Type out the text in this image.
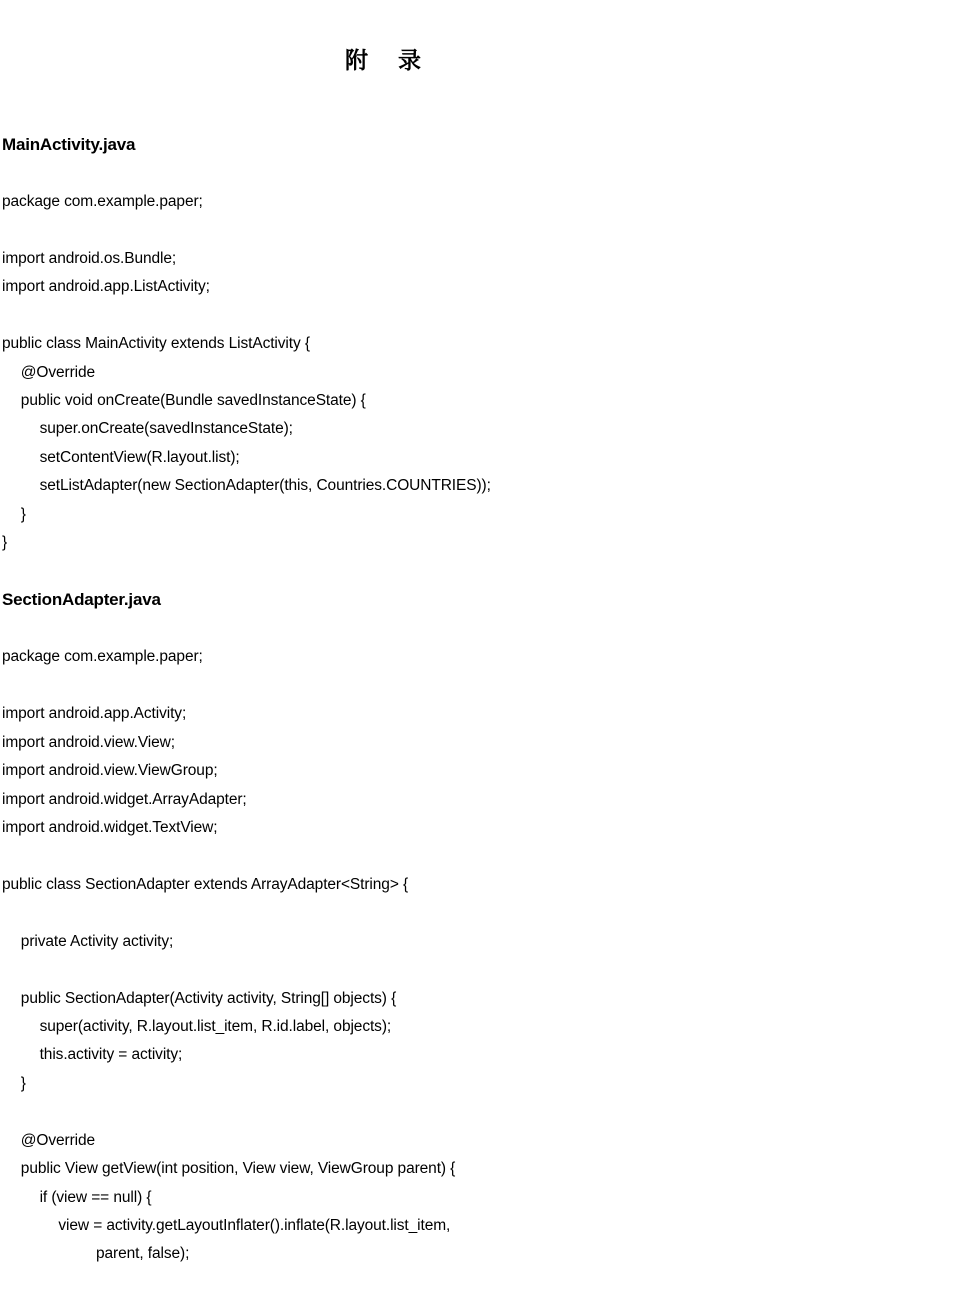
附 录
MainActivity.java
package com.example.paper;
import android.os.Bundle;
import android.app.ListActivity;
public class MainActivity extends ListActivity {
@Override
public void onCreate(Bundle savedInstanceState) {
super.onCreate(savedInstanceState);
setContentView(R.layout.list);
setListAdapter(new SectionAdapter(this, Countries.COUNTRIES));
}
}
SectionAdapter.java
package com.example.paper;
import android.app.Activity;
import android.view.View;
import android.view.ViewGroup;
import android.widget.ArrayAdapter;
import android.widget.TextView;
public class SectionAdapter extends ArrayAdapter<String> {
private Activity activity;
public SectionAdapter(Activity activity, String[] objects) {
super(activity, R.layout.list_item, R.id.label, objects);
this.activity = activity;
}
@Override
public View getView(int position, View view, ViewGroup parent) {
if (view == null) {
view = activity.getLayoutInflater().inflate(R.layout.list_item,
parent, false);
